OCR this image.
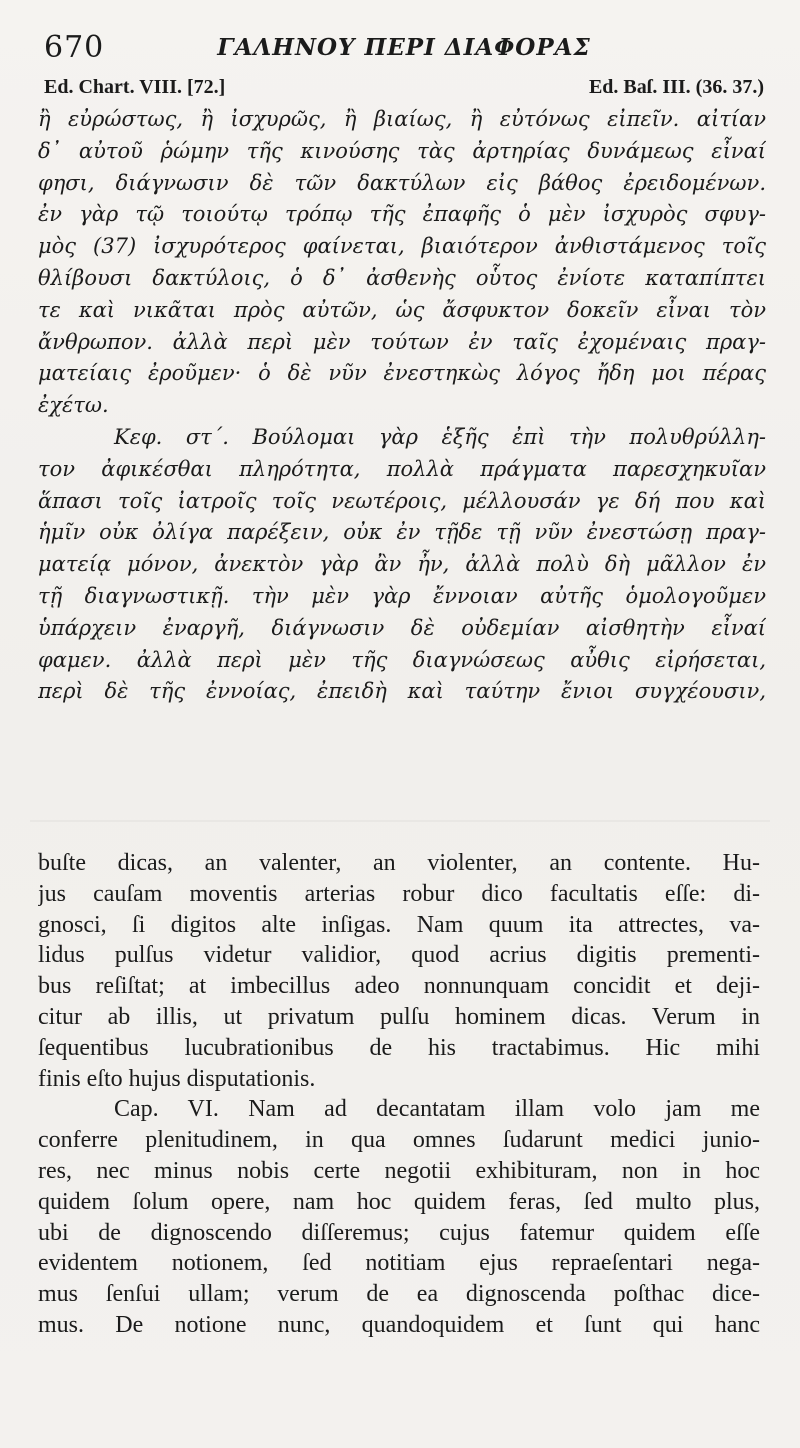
670	ΓΑΛΗΝΟΥ ΠΕΡΙ ΔΙΑΦΟΡΑΣ
Ed. Chart. VIII. [72.]	Ed. Baſ. III. (36. 37.)
ἢ εὐρώστως, ἢ ἰσχυρῶς, ἢ βιαίως, ἢ εὐτόνως εἰπεῖν. αἰτίαν
δ᾽ αὐτοῦ ῥώμην τῆς κινούσης τὰς ἀρτηρίας δυνάμεως εἶναί
φησι, διάγνωσιν δὲ τῶν δακτύλων εἰς βάθος ἐρειδομένων.
ἐν γὰρ τῷ τοιούτῳ τρόπῳ τῆς ἐπαφῆς ὁ μὲν ἰσχυρὸς σφυγ-
μὸς (37) ἰσχυρότερος φαίνεται, βιαιότερον ἀνθιστάμενος τοῖς
θλίβουσι δακτύλοις, ὁ δ᾽ ἀσθενὴς οὗτος ἐνίοτε καταπίπτει
τε καὶ νικᾶται πρὸς αὐτῶν, ὡς ἄσφυκτον δοκεῖν εἶναι τὸν
ἄνθρωπον. ἀλλὰ περὶ μὲν τούτων ἐν ταῖς ἐχομέναις πραγ-
ματείαις ἐροῦμεν· ὁ δὲ νῦν ἐνεστηκὼς λόγος ἤδη μοι πέρας
ἐχέτω.
Κεφ. στ΄. Βούλομαι γὰρ ἑξῆς ἐπὶ τὴν πολυθρύλλη-
τον ἀφικέσθαι πληρότητα, πολλὰ πράγματα παρεσχηκυῖαν
ἅπασι τοῖς ἰατροῖς τοῖς νεωτέροις, μέλλουσάν γε δή που καὶ
ἡμῖν οὐκ ὀλίγα παρέξειν, οὐκ ἐν τῇδε τῇ νῦν ἐνεστώσῃ πραγ-
ματείᾳ μόνον, ἀνεκτὸν γὰρ ἂν ἦν, ἀλλὰ πολὺ δὴ μᾶλλον ἐν
τῇ διαγνωστικῇ. τὴν μὲν γὰρ ἔννοιαν αὐτῆς ὁμολογοῦμεν
ὑπάρχειν ἐναργῆ, διάγνωσιν δὲ οὐδεμίαν αἰσθητὴν εἶναί
φαμεν. ἀλλὰ περὶ μὲν τῆς διαγνώσεως αὖθις εἰρήσεται,
περὶ δὲ τῆς ἐννοίας, ἐπειδὴ καὶ ταύτην ἔνιοι συγχέουσιν,
buſte dicas, an valenter, an violenter, an contente. Hu-
jus cauſam moventis arterias robur dico facultatis eſſe: di-
gnosci, ſi digitos alte inſigas. Nam quum ita attrectes, va-
lidus pulſus videtur validior, quod acrius digitis prementi-
bus reſiſtat; at imbecillus adeo nonnunquam concidit et deji-
citur ab illis, ut privatum pulſu hominem dicas. Verum in
ſequentibus lucubrationibus de his tractabimus. Hic mihi
finis eſto hujus disputationis.
Cap. VI. Nam ad decantatam illam volo jam me
conferre plenitudinem, in qua omnes ſudarunt medici junio-
res, nec minus nobis certe negotii exhibituram, non in hoc
quidem ſolum opere, nam hoc quidem feras, ſed multo plus,
ubi de dignoscendo diſſeremus; cujus fatemur quidem eſſe
evidentem notionem, ſed notitiam ejus repraeſentari nega-
mus ſenſui ullam; verum de ea dignoscenda poſthac dice-
mus. De notione nunc, quandoquidem et ſunt qui hanc
